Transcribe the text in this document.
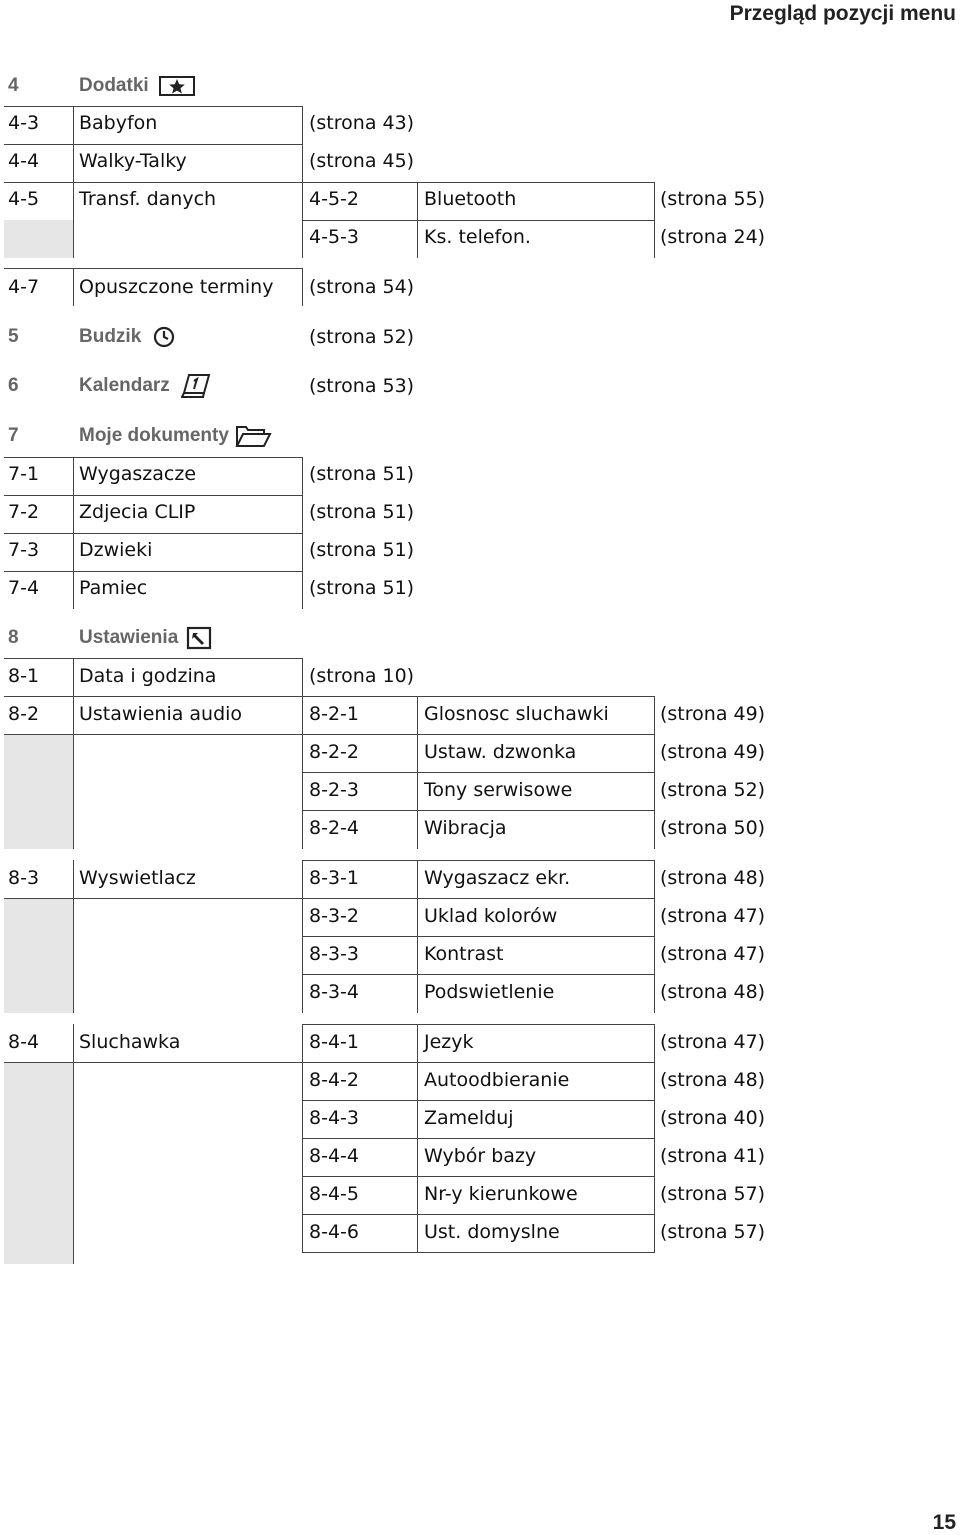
Przegląd pozycji menu
4	Dodatki
4-3 Babyfon	(strona 43)
4-4 Walky-Talky	(strona 45)
4-5 Transf. danych	4-5-2	Bluetooth	(strona 55)
4-5-3	Ks. telefon.	(strona 24)
4-7 Opuszczone terminy (strona 54)
5	Budzik	(strona 52)
6	Kalendarz	(strona 53)
7	Moje dokumenty
7-1 Wygaszacze	(strona 51)
7-2 Zdjecia CLIP	(strona 51)
7-3 Dzwieki	(strona 51)
7-4 Pamiec	(strona 51)
8	Ustawienia
8-1 Data i godzina	(strona 10)
8-2 Ustawienia audio	8-2-1	Glosnosc sluchawki	(strona 49)
8-2-2	Ustaw. dzwonka	(strona 49)
8-2-3	Tony serwisowe	(strona 52)
8-2-4	Wibracja	(strona 50)
8-3 Wyswietlacz	8-3-1	Wygaszacz ekr.	(strona 48)
8-3-2	Uklad kolorów	(strona 47)
8-3-3	Kontrast	(strona 47)
8-3-4	Podswietlenie	(strona 48)
8-4 Sluchawka	8-4-1	Jezyk	(strona 47)
8-4-2	Autoodbieranie	(strona 48)
8-4-3	Zamelduj	(strona 40)
8-4-4	Wybór bazy	(strona 41)
8-4-5	Nr-y kierunkowe	(strona 57)
8-4-6	Ust. domyslne	(strona 57)
15
